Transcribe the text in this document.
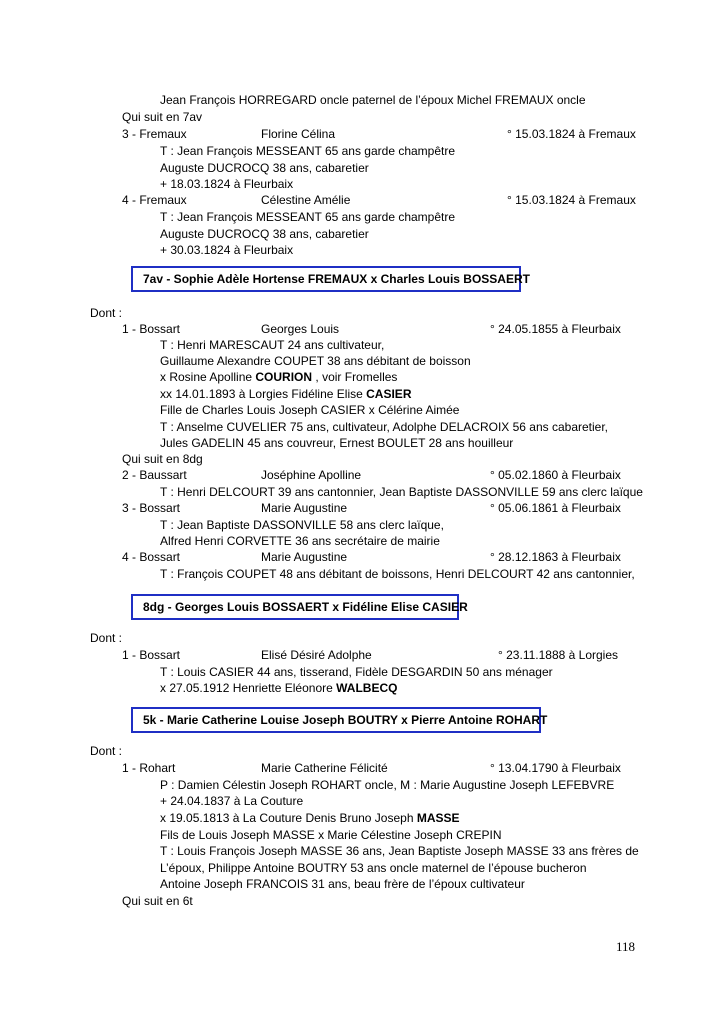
Jean François HORREGARD oncle paternel de l’époux Michel FREMAUX oncle
Qui suit en 7av
3 - Fremaux	Florine Célina	° 15.03.1824 à Fremaux
T : Jean François MESSEANT 65 ans garde champêtre
Auguste DUCROCQ 38 ans, cabaretier
+ 18.03.1824 à Fleurbaix
4 - Fremaux	Célestine Amélie	° 15.03.1824 à Fremaux
T : Jean François MESSEANT 65 ans garde champêtre
Auguste DUCROCQ 38 ans, cabaretier
+ 30.03.1824 à Fleurbaix
7av - Sophie Adèle Hortense FREMAUX x Charles Louis BOSSAERT
Dont :
1 - Bossart	Georges Louis	° 24.05.1855 à Fleurbaix
T : Henri MARESCAUT 24 ans cultivateur,
Guillaume Alexandre COUPET 38 ans débitant de boisson
x Rosine Apolline COURION , voir Fromelles
xx 14.01.1893 à Lorgies Fidéline Elise CASIER
Fille de Charles Louis Joseph CASIER x Célérine Aimée
T : Anselme CUVELIER 75 ans, cultivateur, Adolphe DELACROIX 56 ans cabaretier,
Jules GADELIN 45 ans couvreur, Ernest BOULET 28 ans houilleur
Qui suit en 8dg
2 - Baussart	Joséphine Apolline	° 05.02.1860 à Fleurbaix
T : Henri DELCOURT 39 ans cantonnier, Jean Baptiste DASSONVILLE 59 ans clerc laïque
3 - Bossart	Marie Augustine	° 05.06.1861 à Fleurbaix
T : Jean Baptiste DASSONVILLE 58 ans clerc laïque,
Alfred Henri CORVETTE 36 ans secrétaire de mairie
4 - Bossart	Marie Augustine	° 28.12.1863 à Fleurbaix
T : François COUPET 48 ans débitant de boissons, Henri DELCOURT 42 ans cantonnier,
8dg - Georges Louis BOSSAERT x Fidéline Elise CASIER
Dont :
1 - Bossart	Elisé Désiré Adolphe	° 23.11.1888 à Lorgies
T : Louis CASIER 44 ans, tisserand, Fidèle DESGARDIN 50 ans ménager
x 27.05.1912 Henriette Eléonore WALBECQ
5k - Marie Catherine Louise Joseph BOUTRY x Pierre Antoine ROHART
Dont :
1 - Rohart	Marie Catherine Félicité	° 13.04.1790 à Fleurbaix
P : Damien Célestin Joseph ROHART oncle, M : Marie Augustine Joseph LEFEBVRE
+ 24.04.1837 à La Couture
x 19.05.1813 à La Couture Denis Bruno Joseph MASSE
Fils de Louis Joseph MASSE x Marie Célestine Joseph CREPIN
T : Louis François Joseph MASSE 36 ans, Jean Baptiste Joseph MASSE 33 ans frères de
L’époux, Philippe Antoine BOUTRY 53 ans oncle maternel de l’épouse bucheron
Antoine Joseph FRANCOIS 31 ans, beau frère de l’époux cultivateur
Qui suit en 6t
118
